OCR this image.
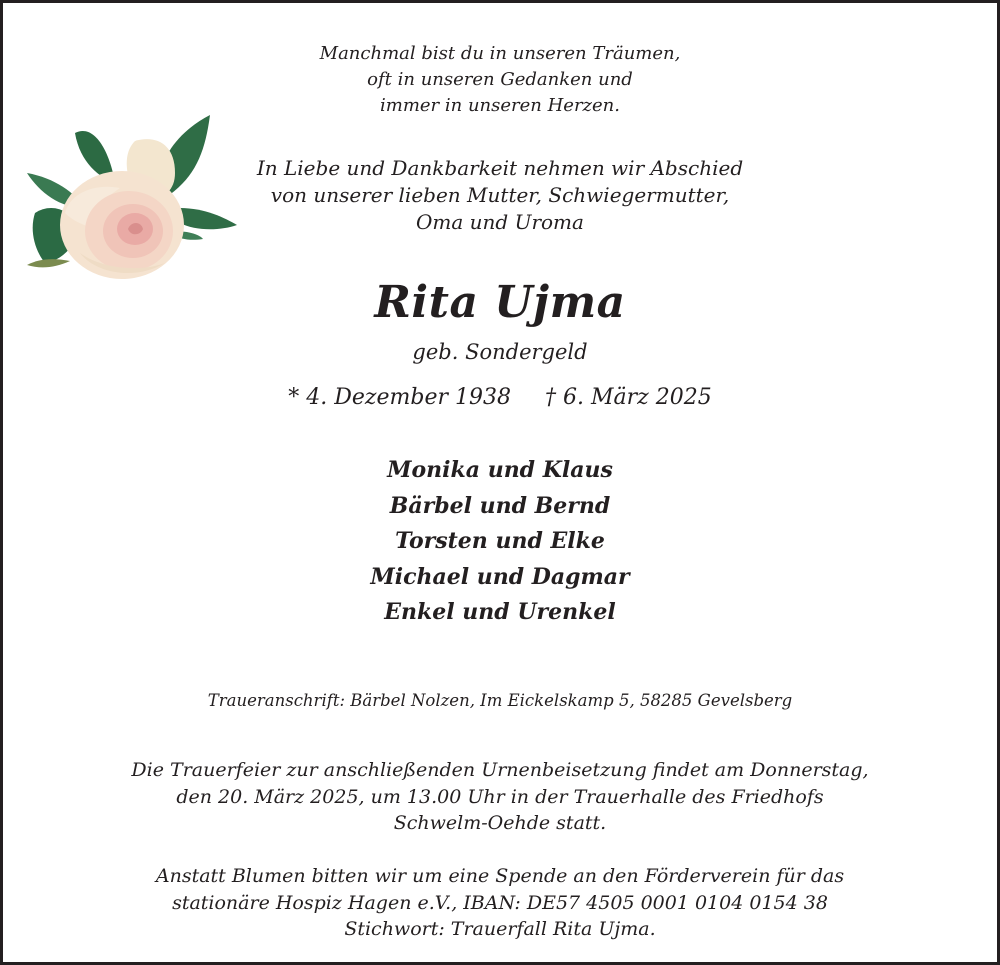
Manchmal bist du in unseren Träumen,
oft in unseren Gedanken und
immer in unseren Herzen.
In Liebe und Dankbarkeit nehmen wir Abschied
von unserer lieben Mutter, Schwiegermutter,
Oma und Uroma
Rita Ujma
geb. Sondergeld
* 4. Dezember 1938 † 6. März 2025
Monika und Klaus
Bärbel und Bernd
Torsten und Elke
Michael und Dagmar
Enkel und Urenkel
Traueranschrift: Bärbel Nolzen, Im Eickelskamp 5, 58285 Gevelsberg
Die Trauerfeier zur anschließenden Urnenbeisetzung findet am Donnerstag,
den 20. März 2025, um 13.00 Uhr in der Trauerhalle des Friedhofs
Schwelm-Oehde statt.
Anstatt Blumen bitten wir um eine Spende an den Förderverein für das
stationäre Hospiz Hagen e.V., IBAN: DE57 4505 0001 0104 0154 38
Stichwort: Trauerfall Rita Ujma.
